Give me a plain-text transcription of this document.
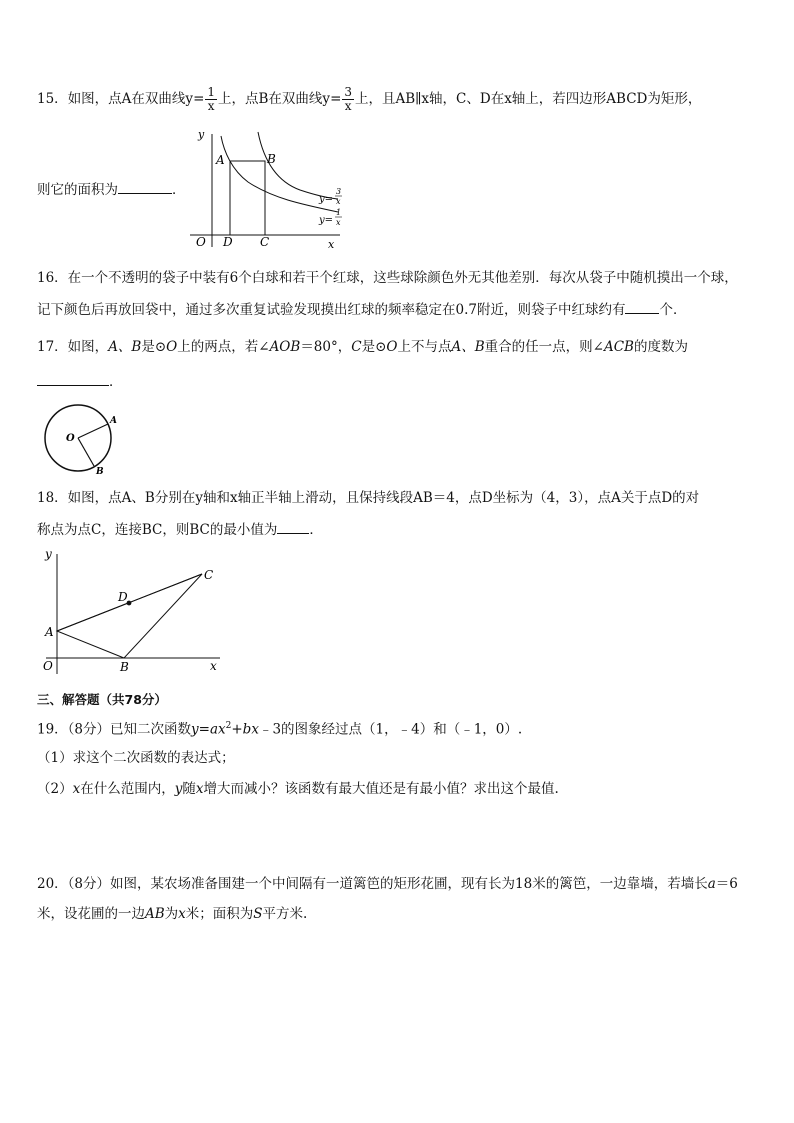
15．如图，点A在双曲线$y= \frac{1}{x}$ 上，点B在双曲线$y= \frac{3}{x}$ 上，且AB∥x轴，C、D在x轴上，若四边形ABCD为矩形，
则它的面积为	．
y
A	B
O D C	x
y=
3
x
y=
1
x
16．在一个不透明的袋子中装有6个白球和若干个红球，这些球除颜色外无其他差别．每次从袋子中随机摸出一个球，
记下颜色后再放回袋中，通过多次重复试验发现摸出红球的频率稳定在0.7附近，则袋子中红球约有	个．
17．如图，A、B是⊙O上的两点，若∠AOB＝80°，C是⊙O上不与点A、B重合的任一点，则∠ACB的度数为
．
O
A
B
18．如图，点A、B分别在y轴和x轴正半轴上滑动，且保持线段AB＝4，点D坐标为（4，3），点A关于点D的对
称点为点C，连接BC，则BC的最小值为 ．
y
x
O
A
B
C
D
三、解答题（共78分）
19．（8分）已知二次函数$y=ax^2+bx﹣3$的图象经过点（1，﹣4）和（﹣1，0）.
（1）求这个二次函数的表达式；
（2）x在什么范围内，y随x增大而减小？该函数有最大值还是有最小值？求出这个最值.
20．（8分）如图，某农场准备围建一个中间隔有一道篱笆的矩形花圃，现有长为18米的篱笆，一边靠墙，若墙长a＝6
米，设花圃的一边AB为x米；面积为S平方米.
